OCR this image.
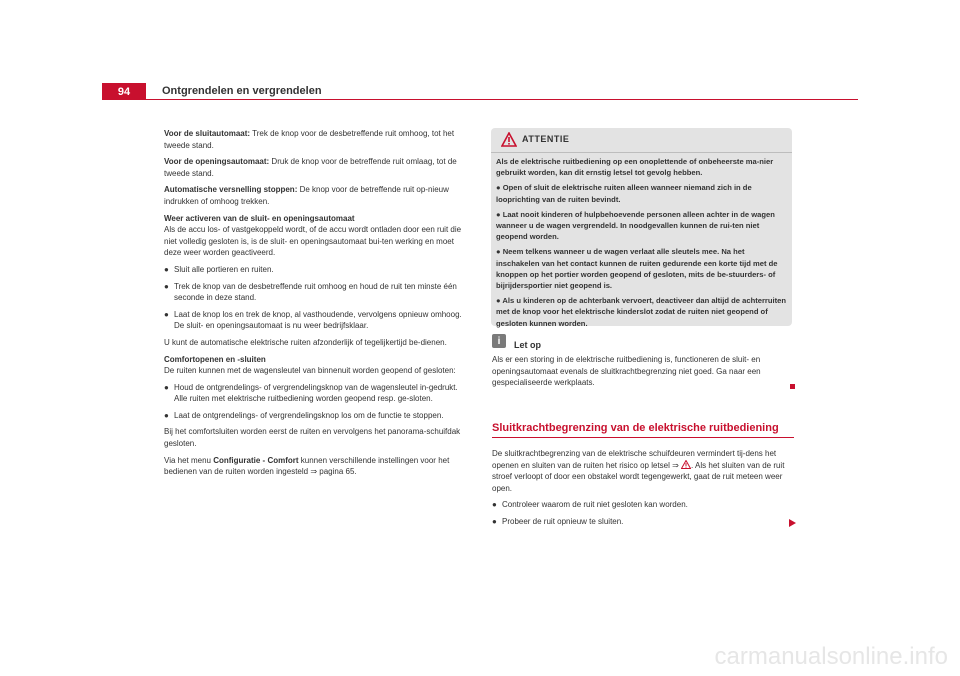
94	Ontgrendelen en vergrendelen

Voor de sluitautomaat: Trek de knop voor de desbetreffende ruit omhoog, tot het tweede stand.

Voor de openingsautomaat: Druk de knop voor de betreffende ruit omlaag, tot de tweede stand.

Automatische versnelling stoppen: De knop voor de betreffende ruit op-nieuw indrukken of omhoog trekken.

Weer activeren van de sluit- en openingsautomaat
Als de accu los- of vastgekoppeld wordt, of de accu wordt ontladen door een ruit die niet volledig gesloten is, is de sluit- en openingsautomaat bui-ten werking en moet deze weer worden geactiveerd.

● Sluit alle portieren en ruiten.
● Trek de knop van de desbetreffende ruit omhoog en houd de ruit ten minste één seconde in deze stand.
● Laat de knop los en trek de knop, al vasthoudende, vervolgens opnieuw omhoog. De sluit- en openingsautomaat is nu weer bedrijfsklaar.

U kunt de automatische elektrische ruiten afzonderlijk of tegelijkertijd be-dienen.

Comfortopenen en -sluiten
De ruiten kunnen met de wagensleutel van binnenuit worden geopend of gesloten:

● Houd de ontgrendelings- of vergrendelingsknop van de wagensleutel in-gedrukt. Alle ruiten met elektrische ruitbediening worden geopend resp. ge-sloten.
● Laat de ontgrendelings- of vergrendelingsknop los om de functie te stoppen.

Bij het comfortsluiten worden eerst de ruiten en vervolgens het panorama-schuifdak gesloten.

Via het menu Configuratie - Comfort kunnen verschillende instellingen voor het bedienen van de ruiten worden ingesteld ⇒ pagina 65.

ATTENTIE

Als de elektrische ruitbediening op een onoplettende of onbeheerste ma-nier gebruikt worden, kan dit ernstig letsel tot gevolg hebben.

● Open of sluit de elektrische ruiten alleen wanneer niemand zich in de looprichting van de ruiten bevindt.

● Laat nooit kinderen of hulpbehoevende personen alleen achter in de wagen wanneer u de wagen vergrendeld. In noodgevallen kunnen de rui-ten niet geopend worden.

● Neem telkens wanneer u de wagen verlaat alle sleutels mee. Na het inschakelen van het contact kunnen de ruiten gedurende een korte tijd met de knoppen op het portier worden geopend of gesloten, mits de be-stuurders- of bijrijdersportier niet geopend is.

● Als u kinderen op de achterbank vervoert, deactiveer dan altijd de achterruiten met de knop voor het elektrische kinderslot zodat de ruiten niet geopend of gesloten kunnen worden.

i	Let op
Als er een storing in de elektrische ruitbediening is, functioneren de sluit- en openingsautomaat evenals de sluitkrachtbegrenzing niet goed. Ga naar een gespecialiseerde werkplaats.
Sluitkrachtbegrenzing van de elektrische ruitbediening

De sluitkrachtbegrenzing van de elektrische schuifdeuren vermindert tij-dens het openen en sluiten van de ruiten het risico op letsel ⇒ . Als het sluiten van de ruit stroef verloopt of door een obstakel wordt tegengewerkt, gaat de ruit meteen weer open.

● Controleer waarom de ruit niet gesloten kan worden.
● Probeer de ruit opnieuw te sluiten.
carmanualsonline.info
